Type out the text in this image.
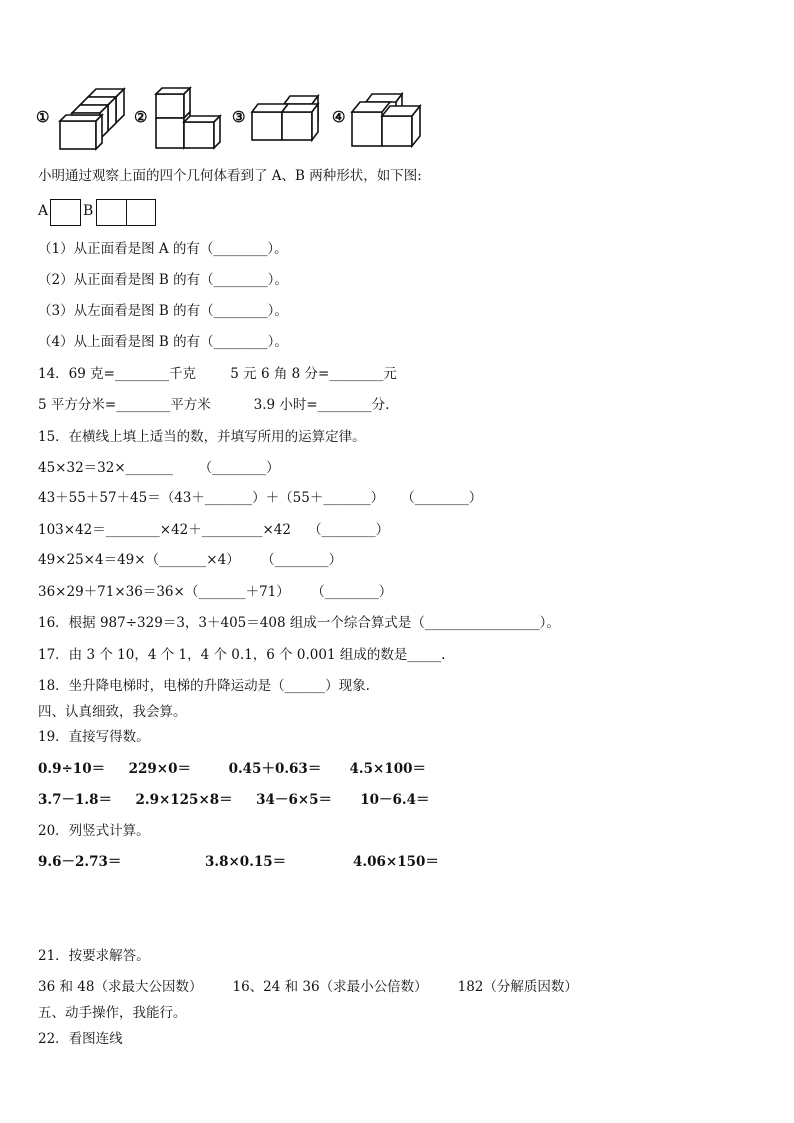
①	②	③	④
小明通过观察上面的四个几何体看到了 A、B 两种形状，如下图:
A B
（1）从正面看是图 A 的有（________）。
（2）从正面看是图 B 的有（________）。
（3）从左面看是图 B 的有（________）。
（4）从上面看是图 B 的有（________）。
14．69 克=________千克        5 元 6 角 8 分=________元
5 平方分米=________平方米          3.9 小时=________分.
15．在横线上填上适当的数，并填写所用的运算定律。
45×32＝32×_______      （________）
43＋55＋57＋45＝（43＋_______）＋（55＋_______）    （________）
103×42＝________×42＋_________×42    （________）
49×25×4＝49×（_______×4）     （________）
36×29＋71×36＝36×（_______＋71）     （________）
16．根据 987÷329＝3，3＋405＝408 组成一个综合算式是（_________________）。
17．由 3 个 10，4 个 1，4 个 0.1，6 个 0.001 组成的数是_____.
18．坐升降电梯时，电梯的升降运动是（______）现象.
四、认真细致，我会算。
19．直接写得数。
0.9÷10＝     229×0＝        0.45＋0.63＝      4.5×100＝
3.7－1.8＝     2.9×125×8＝     34－6×5＝      10－6.4＝
20．列竖式计算。
9.6－2.73＝	3.8×0.15＝	4.06×150＝
21．按要求解答。
36 和 48（求最大公因数）       16、24 和 36（求最小公倍数）       182（分解质因数）
五、动手操作，我能行。
22．看图连线
